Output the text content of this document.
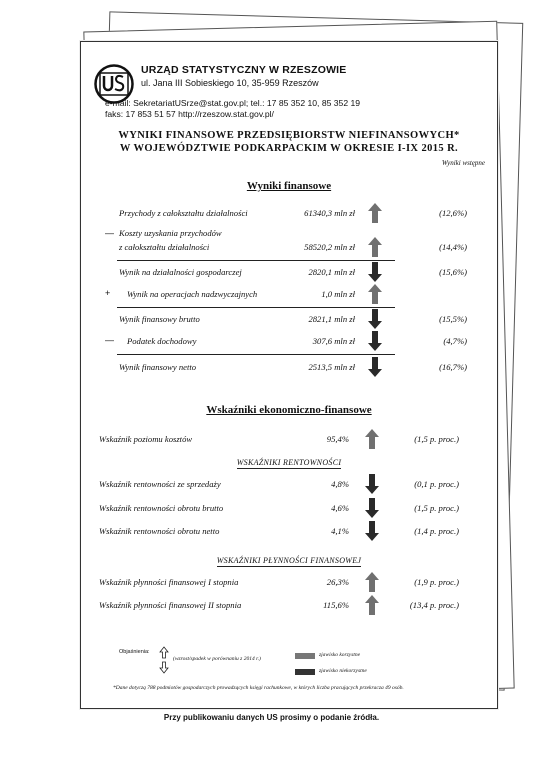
URZĄD STATYSTYCZNY W RZESZOWIE
ul. Jana III Sobieskiego 10, 35-959 Rzeszów
e-mail: SekretariatUSrze@stat.gov.pl; tel.: 17 85 352 10, 85 352 19
faks: 17 853 51 57 http://rzeszow.stat.gov.pl/
WYNIKI FINANSOWE PRZEDSIĘBIORSTW NIEFINANSOWYCH*
W WOJEWÓDZTWIE PODKARPACKIM W OKRESIE I-IX 2015 R.
Wyniki wstępne
Wyniki finansowe
Przychody z całokształtu działalności	61340,3 mln zł	(12,6%)
— Koszty uzyskania przychodów
z całokształtu działalności	58520,2 mln zł	(14,4%)
Wynik na działalności gospodarczej	2820,1 mln zł	(15,6%)
+ Wynik na operacjach nadzwyczajnych	1,0 mln zł
Wynik finansowy brutto	2821,1 mln zł	(15,5%)
— Podatek dochodowy	307,6 mln zł	(4,7%)
Wynik finansowy netto	2513,5 mln zł	(16,7%)
Wskaźniki ekonomiczno-finansowe
Wskaźnik poziomu kosztów	95,4%	(1,5 p. proc.)
WSKAŹNIKI RENTOWNOŚCI
Wskaźnik rentowności ze sprzedaży	4,8%	(0,1 p. proc.)
Wskaźnik rentowności obrotu brutto	4,6%	(1,5 p. proc.)
Wskaźnik rentowności obrotu netto	4,1%	(1,4 p. proc.)
WSKAŹNIKI PŁYNNOŚCI FINANSOWEJ
Wskaźnik płynności finansowej I stopnia	26,3%	(1,9 p. proc.)
Wskaźnik płynności finansowej II stopnia	115,6%	(13,4 p. proc.)
Objaśnienia:
(wzrost/spadek w porównaniu z 2014 r.)
zjawisko korzystne
zjawisko niekorzystne
*Dane dotyczą 788 podmiotów gospodarczych prowadzących księgi rachunkowe, w których liczba pracujących przekracza 49 osób.
Przy publikowaniu danych US prosimy o podanie źródła.
